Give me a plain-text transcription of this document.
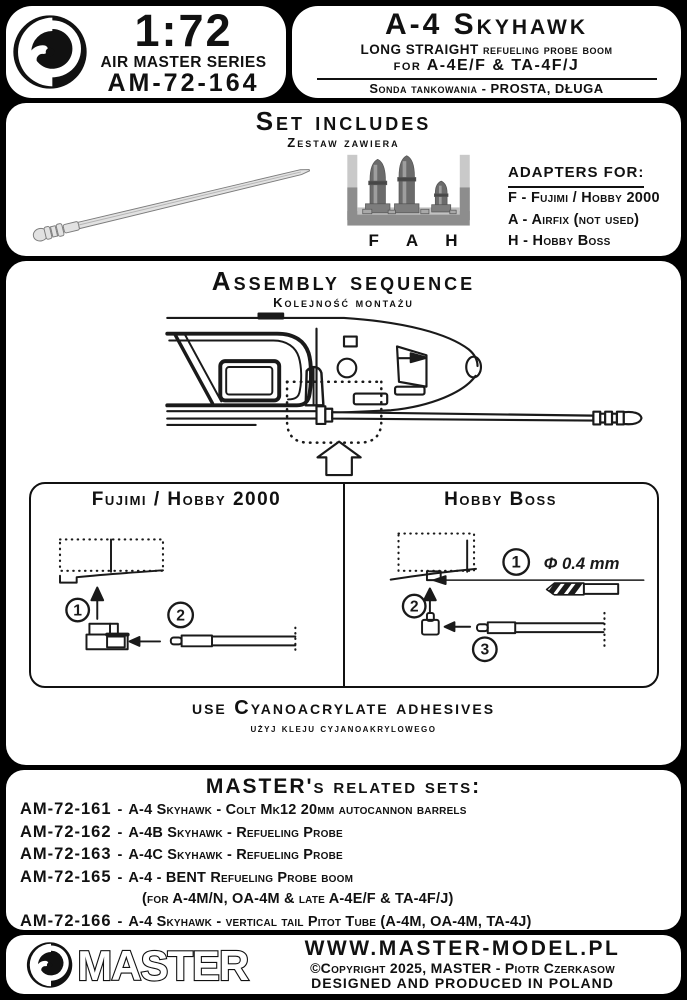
1:72
AIR MASTER SERIES
AM-72-164
A-4 Skyhawk
LONG STRAIGHT refueling probe boom
for A-4E/F & TA-4F/J
Sonda tankowania - PROSTA, DŁUGA
Set includes
Zestaw zawiera
F A H
ADAPTERS FOR:
F - Fujimi / Hobby 2000
A - Airfix (not used)
H - Hobby Boss
Assembly sequence
Kolejność montażu
Fujimi / Hobby 2000
1	2
Hobby Boss
1 Φ 0.4 mm
2
3
use Cyanoacrylate adhesives
użyj kleju cyjanoakrylowego
MASTER's related sets:
AM-72-161 - A-4 Skyhawk - Colt Mk12 20mm autocannon barrels
AM-72-162 - A-4B Skyhawk - Refueling Probe
AM-72-163 - A-4C Skyhawk - Refueling Probe
AM-72-165 - A-4 - BENT Refueling Probe boom
(for A-4M/N, OA-4M & late A-4E/F & TA-4F/J)
AM-72-166 - A-4 Skyhawk - vertical tail Pitot Tube (A-4M, OA-4M, TA-4J)
MASTER	WWW.MASTER-MODEL.PL
©Copyright 2025, MASTER - Piotr Czerkasow
DESIGNED AND PRODUCED IN POLAND
